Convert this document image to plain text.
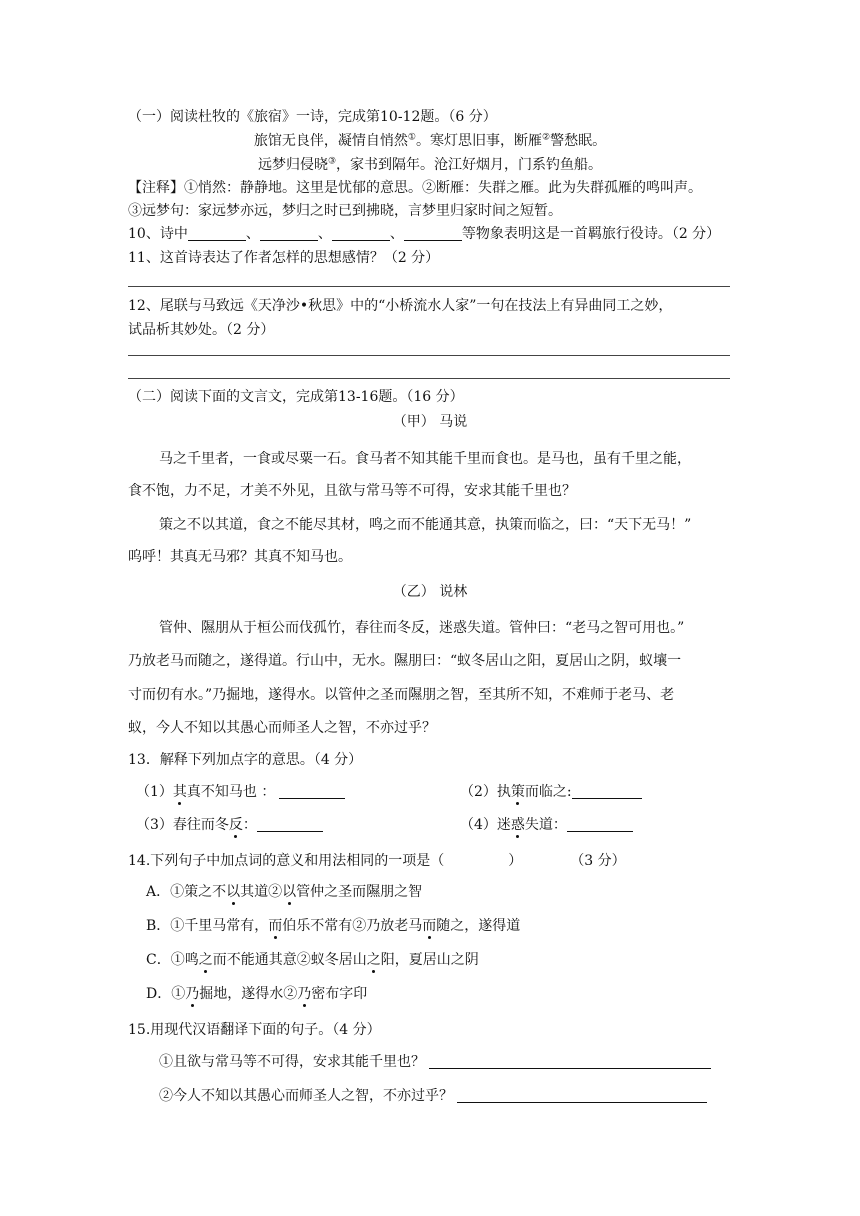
（一）阅读杜牧的《旅宿》一诗，完成第10-12题。（6 分）
旅馆无良伴，凝情自悄然①。寒灯思旧事，断雁②警愁眠。
远梦归侵晓③，家书到隔年。沧江好烟月，门系钓鱼船。
【注释】①悄然：静静地。这里是忧郁的意思。②断雁：失群之雁。此为失群孤雁的鸣叫声。
③远梦句：家远梦亦远，梦归之时已到拂晓，言梦里归家时间之短暂。
10、诗中	、	、	、	等物象表明这是一首羁旅行役诗。（2 分）
11、这首诗表达了作者怎样的思想感情？（2 分）
12、尾联与马致远《天净沙•秋思》中的“小桥流水人家”一句在技法上有异曲同工之妙，
试品析其妙处。（2 分）
（二）阅读下面的文言文，完成第13-16题。（16 分）
（甲） 马说
马之千里者，一食或尽粟一石。食马者不知其能千里而食也。是马也，虽有千里之能，
食不饱，力不足，才美不外见，且欲与常马等不可得，安求其能千里也？
策之不以其道，食之不能尽其材，鸣之而不能通其意，执策而临之，曰：“天下无马！”
呜呼！其真无马邪？其真不知马也。
（乙） 说林
管仲、隰朋从于桓公而伐孤竹，春往而冬反，迷惑失道。管仲曰：“老马之智可用也。”
乃放老马而随之，遂得道。行山中，无水。隰朋曰：“蚁冬居山之阳，夏居山之阴，蚁壤一
寸而仞有水。”乃掘地，遂得水。以管仲之圣而隰朋之智，至其所不知，不难师于老马、老
蚁，今人不知以其愚心而师圣人之智，不亦过乎？
13．解释下列加点字的意思。（4 分）
（1）其真不知马也 ：	（2）执策而临之:
（3）春往而冬反：	（4）迷惑失道：
14.下列句子中加点词的意义和用法相同的一项是（	）	（3 分）
A．①策之不以其道②以管仲之圣而隰朋之智
B．①千里马常有，而伯乐不常有②乃放老马而随之，遂得道
C．①鸣之而不能通其意②蚁冬居山之阳，夏居山之阴
D．①乃掘地，遂得水②乃密布字印
15.用现代汉语翻译下面的句子。（4 分）
①且欲与常马等不可得，安求其能千里也？
②今人不知以其愚心而师圣人之智，不亦过乎？
